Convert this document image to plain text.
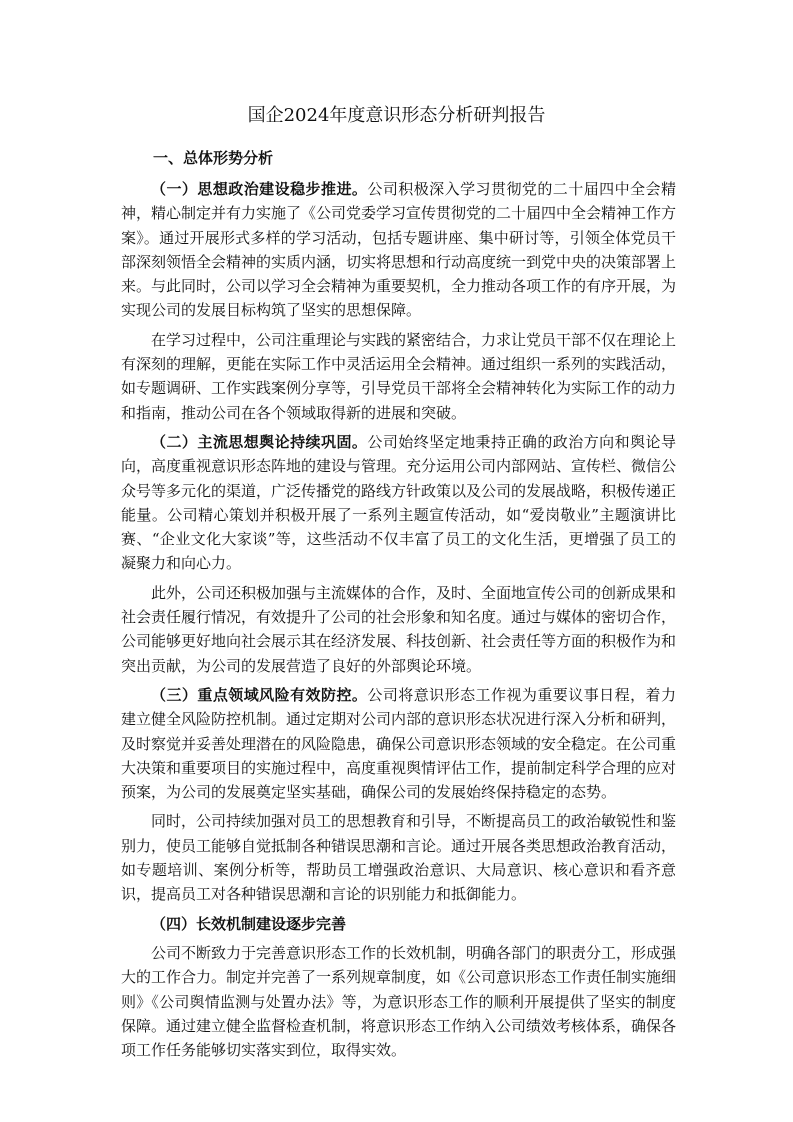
国企2024年度意识形态分析研判报告
一、总体形势分析

（一）思想政治建设稳步推进。公司积极深入学习贯彻党的二十届四中全会精神，精心制定并有力实施了《公司党委学习宣传贯彻党的二十届四中全会精神工作方案》。通过开展形式多样的学习活动，包括专题讲座、集中研讨等，引领全体党员干部深刻领悟全会精神的实质内涵，切实将思想和行动高度统一到党中央的决策部署上来。与此同时，公司以学习全会精神为重要契机，全力推动各项工作的有序开展，为实现公司的发展目标构筑了坚实的思想保障。

在学习过程中，公司注重理论与实践的紧密结合，力求让党员干部不仅在理论上有深刻的理解，更能在实际工作中灵活运用全会精神。通过组织一系列的实践活动，如专题调研、工作实践案例分享等，引导党员干部将全会精神转化为实际工作的动力和指南，推动公司在各个领域取得新的进展和突破。

（二）主流思想舆论持续巩固。公司始终坚定地秉持正确的政治方向和舆论导向，高度重视意识形态阵地的建设与管理。充分运用公司内部网站、宣传栏、微信公众号等多元化的渠道，广泛传播党的路线方针政策以及公司的发展战略，积极传递正能量。公司精心策划并积极开展了一系列主题宣传活动，如“爱岗敬业”主题演讲比赛、“企业文化大家谈”等，这些活动不仅丰富了员工的文化生活，更增强了员工的凝聚力和向心力。

此外，公司还积极加强与主流媒体的合作，及时、全面地宣传公司的创新成果和社会责任履行情况，有效提升了公司的社会形象和知名度。通过与媒体的密切合作，公司能够更好地向社会展示其在经济发展、科技创新、社会责任等方面的积极作为和突出贡献，为公司的发展营造了良好的外部舆论环境。

（三）重点领域风险有效防控。公司将意识形态工作视为重要议事日程，着力建立健全风险防控机制。通过定期对公司内部的意识形态状况进行深入分析和研判，及时察觉并妥善处理潜在的风险隐患，确保公司意识形态领域的安全稳定。在公司重大决策和重要项目的实施过程中，高度重视舆情评估工作，提前制定科学合理的应对预案，为公司的发展奠定坚实基础，确保公司的发展始终保持稳定的态势。

同时，公司持续加强对员工的思想教育和引导，不断提高员工的政治敏锐性和鉴别力，使员工能够自觉抵制各种错误思潮和言论。通过开展各类思想政治教育活动，如专题培训、案例分析等，帮助员工增强政治意识、大局意识、核心意识和看齐意识，提高员工对各种错误思潮和言论的识别能力和抵御能力。

（四）长效机制建设逐步完善

公司不断致力于完善意识形态工作的长效机制，明确各部门的职责分工，形成强大的工作合力。制定并完善了一系列规章制度，如《公司意识形态工作责任制实施细则》《公司舆情监测与处置办法》等，为意识形态工作的顺利开展提供了坚实的制度保障。通过建立健全监督检查机制，将意识形态工作纳入公司绩效考核体系，确保各项工作任务能够切实落实到位，取得实效。
